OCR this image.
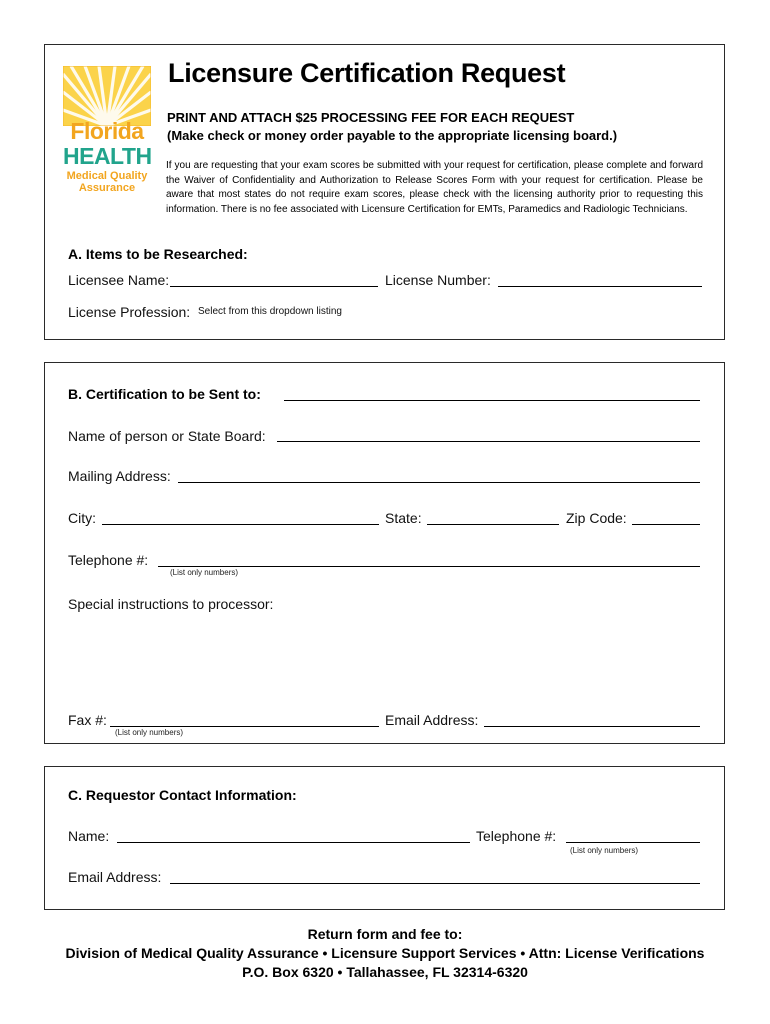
Florida
HEALTH
Medical Quality
Assurance
Licensure Certification Request
PRINT AND ATTACH $25 PROCESSING FEE FOR EACH REQUEST
(Make check or money order payable to the appropriate licensing board.)
If you are requesting that your exam scores be submitted with your request for certification, please complete and forward the Waiver of Confidentiality and Authorization to Release Scores Form with your request for certification. Please be aware that most states do not require exam scores, please check with the licensing authority prior to requesting this information. There is no fee associated with Licensure Certification for EMTs, Paramedics and Radiologic Technicians.
A. Items to be Researched:
Licensee Name:	License Number:
License Profession: Select from this dropdown listing
B. Certification to be Sent to:
Name of person or State Board:
Mailing Address:
City:	State:	Zip Code:
Telephone #:
(List only numbers)
Special instructions to processor:
Fax #:
(List only numbers)
Email Address:
C. Requestor Contact Information:
Name:	Telephone #:
(List only numbers)
Email Address:
Return form and fee to:
Division of Medical Quality Assurance • Licensure Support Services • Attn: License Verifications
P.O. Box 6320 • Tallahassee, FL 32314-6320
